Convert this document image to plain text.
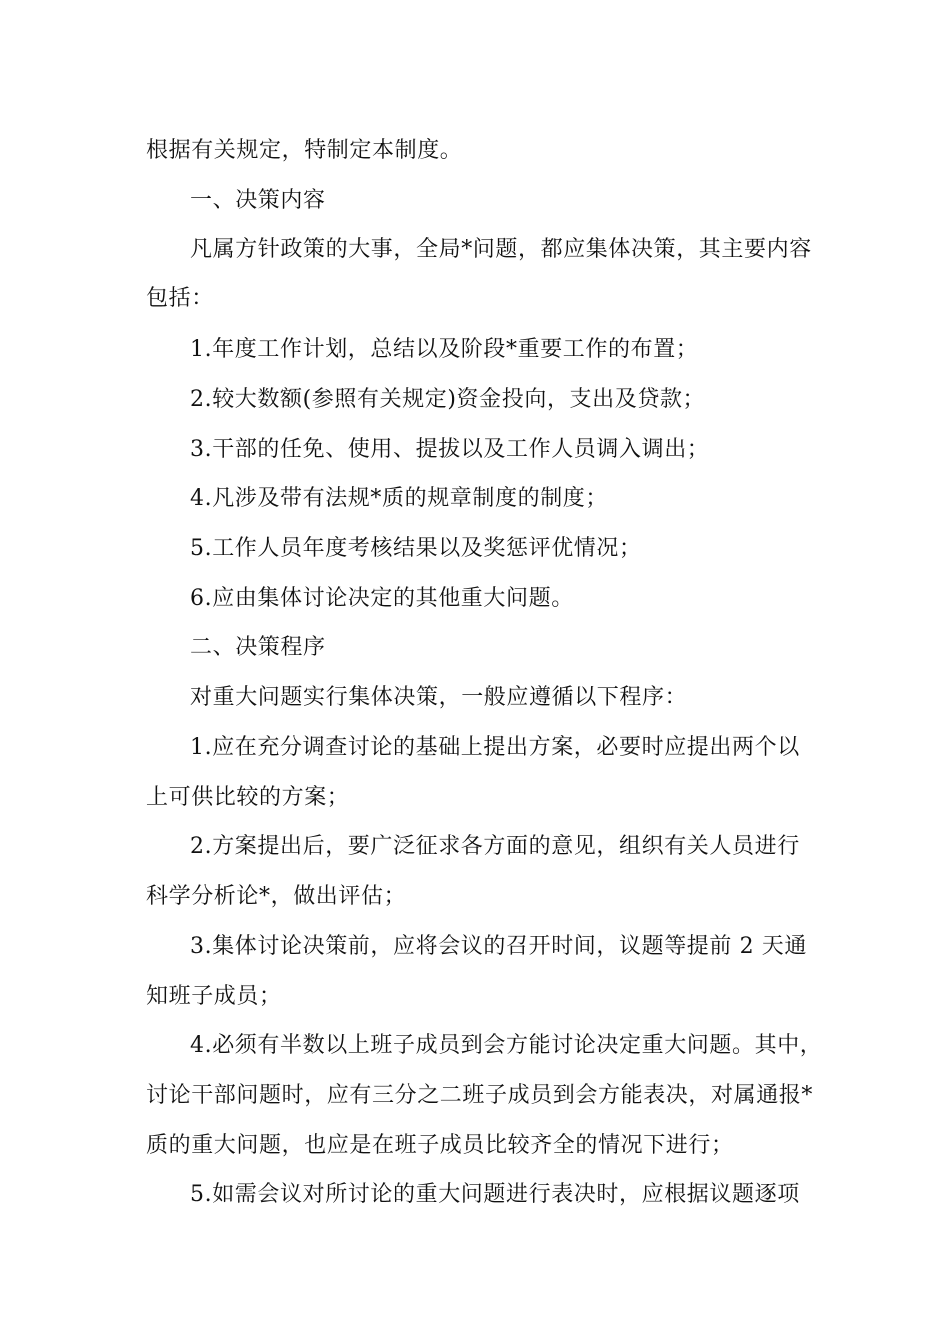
根据有关规定，特制定本制度。
一、决策内容
凡属方针政策的大事，全局*问题，都应集体决策，其主要内容
包括：
1.年度工作计划，总结以及阶段*重要工作的布置；
2.较大数额(参照有关规定)资金投向，支出及贷款；
3.干部的任免、使用、提拔以及工作人员调入调出；
4.凡涉及带有法规*质的规章制度的制度；
5.工作人员年度考核结果以及奖惩评优情况；
6.应由集体讨论决定的其他重大问题。
二、决策程序
对重大问题实行集体决策，一般应遵循以下程序：
1.应在充分调查讨论的基础上提出方案，必要时应提出两个以
上可供比较的方案；
2.方案提出后，要广泛征求各方面的意见，组织有关人员进行
科学分析论*，做出评估；
3.集体讨论决策前，应将会议的召开时间，议题等提前 2 天通
知班子成员；
4.必须有半数以上班子成员到会方能讨论决定重大问题。其中，
讨论干部问题时，应有三分之二班子成员到会方能表决，对属通报*
质的重大问题，也应是在班子成员比较齐全的情况下进行；
5.如需会议对所讨论的重大问题进行表决时，应根据议题逐项
